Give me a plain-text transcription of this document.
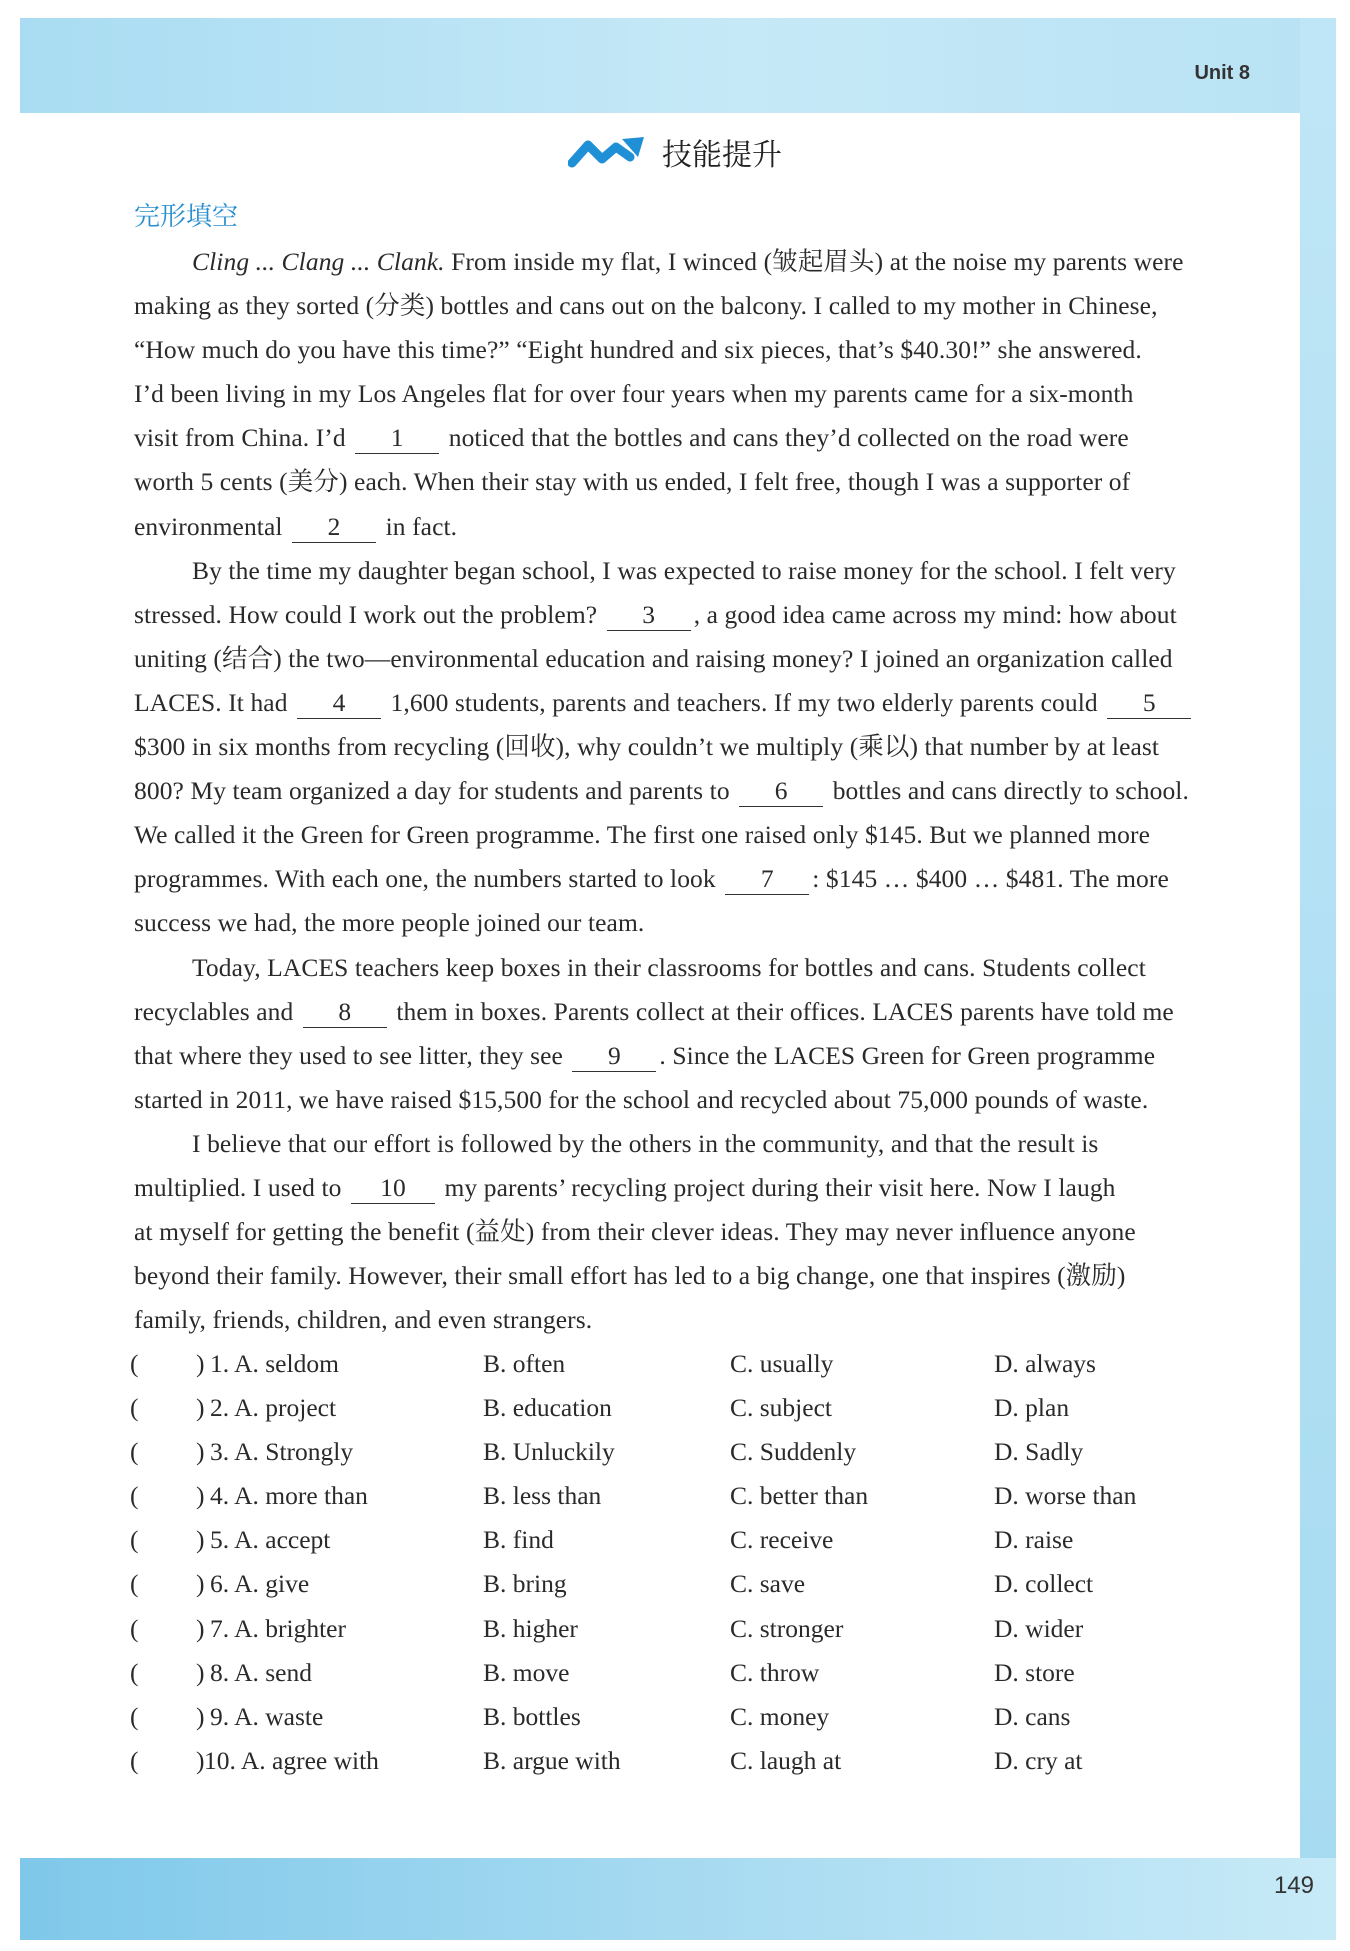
Unit 8
技能提升
完形填空
Cling ... Clang ... Clank. From inside my flat, I winced (皱起眉头) at the noise my parents were
making as they sorted (分类) bottles and cans out on the balcony. I called to my mother in Chinese,
“How much do you have this time?” “Eight hundred and six pieces, that’s $40.30!” she answered.
I’d been living in my Los Angeles flat for over four years when my parents came for a six-month
visit from China. I’d 1 noticed that the bottles and cans they’d collected on the road were
worth 5 cents (美分) each. When their stay with us ended, I felt free, though I was a supporter of
environmental 2 in fact.
By the time my daughter began school, I was expected to raise money for the school. I felt very
stressed. How could I work out the problem? 3 , a good idea came across my mind: how about
uniting (结合) the two—environmental education and raising money? I joined an organization called
LACES. It had 4 1,600 students, parents and teachers. If my two elderly parents could 5
$300 in six months from recycling (回收), why couldn’t we multiply (乘以) that number by at least
800? My team organized a day for students and parents to 6 bottles and cans directly to school.
We called it the Green for Green programme. The first one raised only $145. But we planned more
programmes. With each one, the numbers started to look 7 : $145 … $400 … $481. The more
success we had, the more people joined our team.
Today, LACES teachers keep boxes in their classrooms for bottles and cans. Students collect
recyclables and 8 them in boxes. Parents collect at their offices. LACES parents have told me
that where they used to see litter, they see 9 . Since the LACES Green for Green programme
started in 2011, we have raised $15,500 for the school and recycled about 75,000 pounds of waste.
I believe that our effort is followed by the others in the community, and that the result is
multiplied. I used to 10 my parents’ recycling project during their visit here. Now I laugh
at myself for getting the benefit (益处) from their clever ideas. They may never influence anyone
beyond their family. However, their small effort has led to a big change, one that inspires (激励)
family, friends, children, and even strangers.
( ) 1. A. seldom	B. often	C. usually	D. always
( ) 2. A. project	B. education	C. subject	D. plan
( ) 3. A. Strongly	B. Unluckily	C. Suddenly	D. Sadly
( ) 4. A. more than	B. less than	C. better than	D. worse than
( ) 5. A. accept	B. find	C. receive	D. raise
( ) 6. A. give	B. bring	C. save	D. collect
( ) 7. A. brighter	B. higher	C. stronger	D. wider
( ) 8. A. send	B. move	C. throw	D. store
( ) 9. A. waste	B. bottles	C. money	D. cans
( ) 10. A. agree with	B. argue with	C. laugh at	D. cry at
149
